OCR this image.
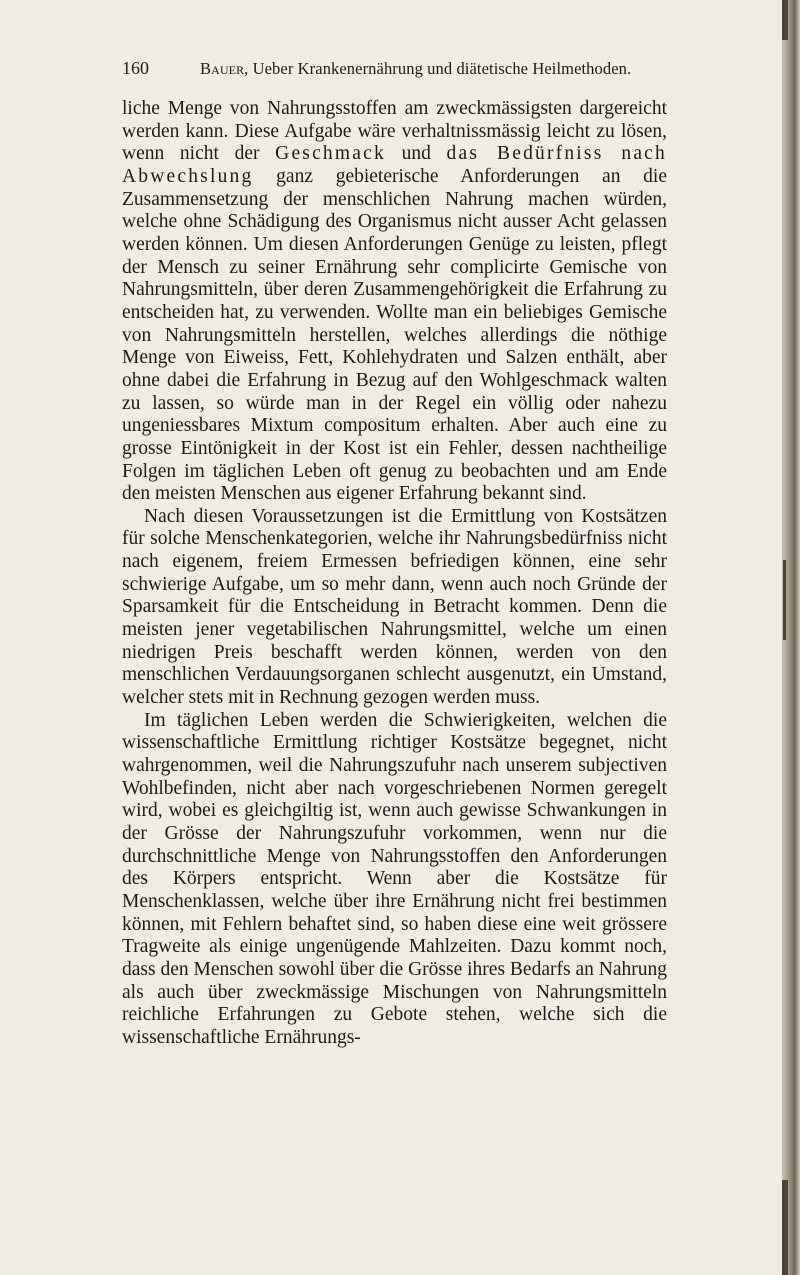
160	Bauer, Ueber Krankenernährung und diätetische Heilmethoden.

liche Menge von Nahrungsstoffen am zweckmässigsten dargereicht werden kann. Diese Aufgabe wäre verhaltnissmässig leicht zu lösen, wenn nicht der Geschmack und das Bedürfniss nach Abwechslung ganz gebieterische Anforderungen an die Zusammensetzung der menschlichen Nahrung machen würden, welche ohne Schädigung des Organismus nicht ausser Acht gelassen werden können. Um diesen Anforderungen Genüge zu leisten, pflegt der Mensch zu seiner Ernährung sehr complicirte Gemische von Nahrungsmitteln, über deren Zusammengehörigkeit die Erfahrung zu entscheiden hat, zu verwenden. Wollte man ein beliebiges Gemische von Nahrungsmitteln herstellen, welches allerdings die nöthige Menge von Eiweiss, Fett, Kohlehydraten und Salzen enthält, aber ohne dabei die Erfahrung in Bezug auf den Wohlgeschmack walten zu lassen, so würde man in der Regel ein völlig oder nahezu ungeniessbares Mixtum compositum erhalten. Aber auch eine zu grosse Eintönigkeit in der Kost ist ein Fehler, dessen nachtheilige Folgen im täglichen Leben oft genug zu beobachten und am Ende den meisten Menschen aus eigener Erfahrung bekannt sind.

Nach diesen Voraussetzungen ist die Ermittlung von Kostsätzen für solche Menschenkategorien, welche ihr Nahrungsbedürfniss nicht nach eigenem, freiem Ermessen befriedigen können, eine sehr schwierige Aufgabe, um so mehr dann, wenn auch noch Gründe der Sparsamkeit für die Entscheidung in Betracht kommen. Denn die meisten jener vegetabilischen Nahrungsmittel, welche um einen niedrigen Preis beschafft werden können, werden von den menschlichen Verdauungsorganen schlecht ausgenutzt, ein Umstand, welcher stets mit in Rechnung gezogen werden muss.

Im täglichen Leben werden die Schwierigkeiten, welchen die wissenschaftliche Ermittlung richtiger Kostsätze begegnet, nicht wahrgenommen, weil die Nahrungszufuhr nach unserem subjectiven Wohlbefinden, nicht aber nach vorgeschriebenen Normen geregelt wird, wobei es gleichgiltig ist, wenn auch gewisse Schwankungen in der Grösse der Nahrungszufuhr vorkommen, wenn nur die durchschnittliche Menge von Nahrungsstoffen den Anforderungen des Körpers entspricht. Wenn aber die Kostsätze für Menschenklassen, welche über ihre Ernährung nicht frei bestimmen können, mit Fehlern behaftet sind, so haben diese eine weit grössere Tragweite als einige ungenügende Mahlzeiten. Dazu kommt noch, dass den Menschen sowohl über die Grösse ihres Bedarfs an Nahrung als auch über zweckmässige Mischungen von Nahrungsmitteln reichliche Erfahrungen zu Gebote stehen, welche sich die wissenschaftliche Ernährungs-
